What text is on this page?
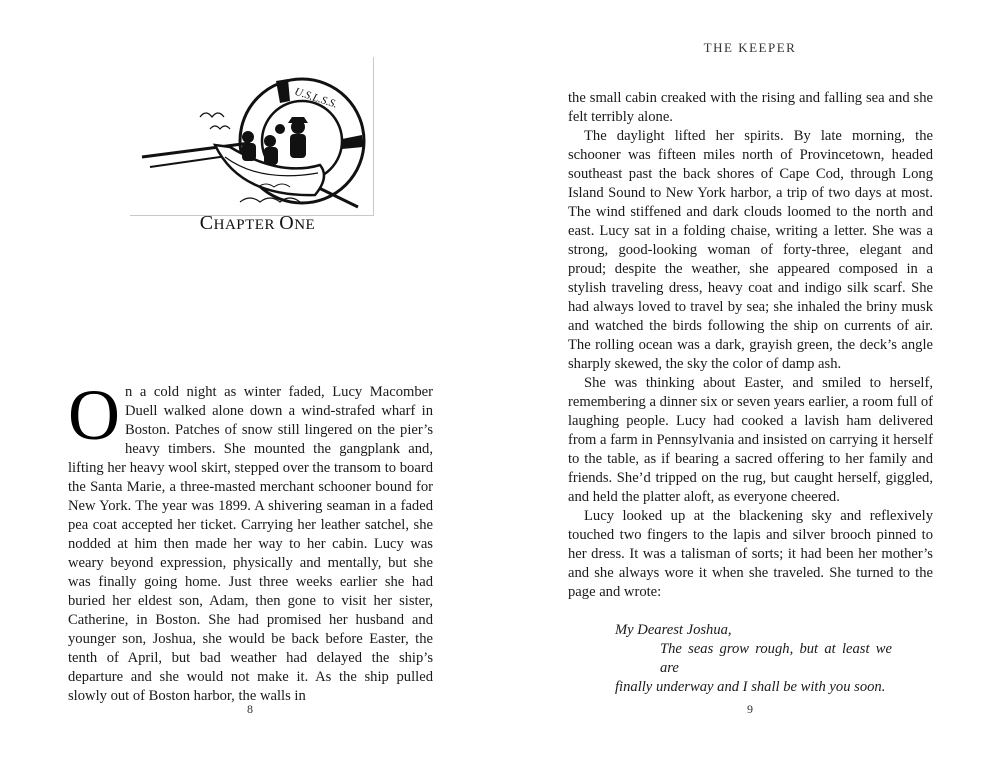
U.S.L.S.S.
CHAPTER ONE

On a cold night as winter faded, Lucy Macomber Duell walked alone down a wind-strafed wharf in Boston. Patches of snow still lingered on the pier’s heavy timbers. She mounted the gangplank and, lifting her heavy wool skirt, stepped over the transom to board the Santa Marie, a three-masted merchant schooner bound for New York. The year was 1899. A shivering seaman in a faded pea coat accepted her ticket. Carrying her leather satchel, she nodded at him then made her way to her cabin. Lucy was weary beyond expression, physically and mentally, but she was finally going home. Just three weeks earlier she had buried her eldest son, Adam, then gone to visit her sister, Catherine, in Boston. She had promised her husband and younger son, Joshua, she would be back before Easter, the tenth of April, but bad weather had delayed the ship’s departure and she would not make it. As the ship pulled slowly out of Boston harbor, the walls in

8
THE KEEPER

the small cabin creaked with the rising and falling sea and she felt terribly alone.

The daylight lifted her spirits. By late morning, the schooner was fifteen miles north of Provincetown, headed southeast past the back shores of Cape Cod, through Long Island Sound to New York harbor, a trip of two days at most. The wind stiffened and dark clouds loomed to the north and east. Lucy sat in a folding chaise, writing a letter. She was a strong, good-looking woman of forty-three, elegant and proud; despite the weather, she appeared composed in a stylish traveling dress, heavy coat and indigo silk scarf. She had always loved to travel by sea; she inhaled the briny musk and watched the birds following the ship on currents of air. The rolling ocean was a dark, grayish green, the deck’s angle sharply skewed, the sky the color of damp ash.

She was thinking about Easter, and smiled to herself, remembering a dinner six or seven years earlier, a room full of laughing people. Lucy had cooked a lavish ham delivered from a farm in Pennsylvania and insisted on carrying it herself to the table, as if bearing a sacred offering to her family and friends. She’d tripped on the rug, but caught herself, giggled, and held the platter aloft, as everyone cheered.

Lucy looked up at the blackening sky and reflexively touched two fingers to the lapis and silver brooch pinned to her dress. It was a talisman of sorts; it had been her mother’s and she always wore it when she traveled. She turned to the page and wrote:

My Dearest Joshua,
The seas grow rough, but at least we are
finally underway and I shall be with you soon.
9
